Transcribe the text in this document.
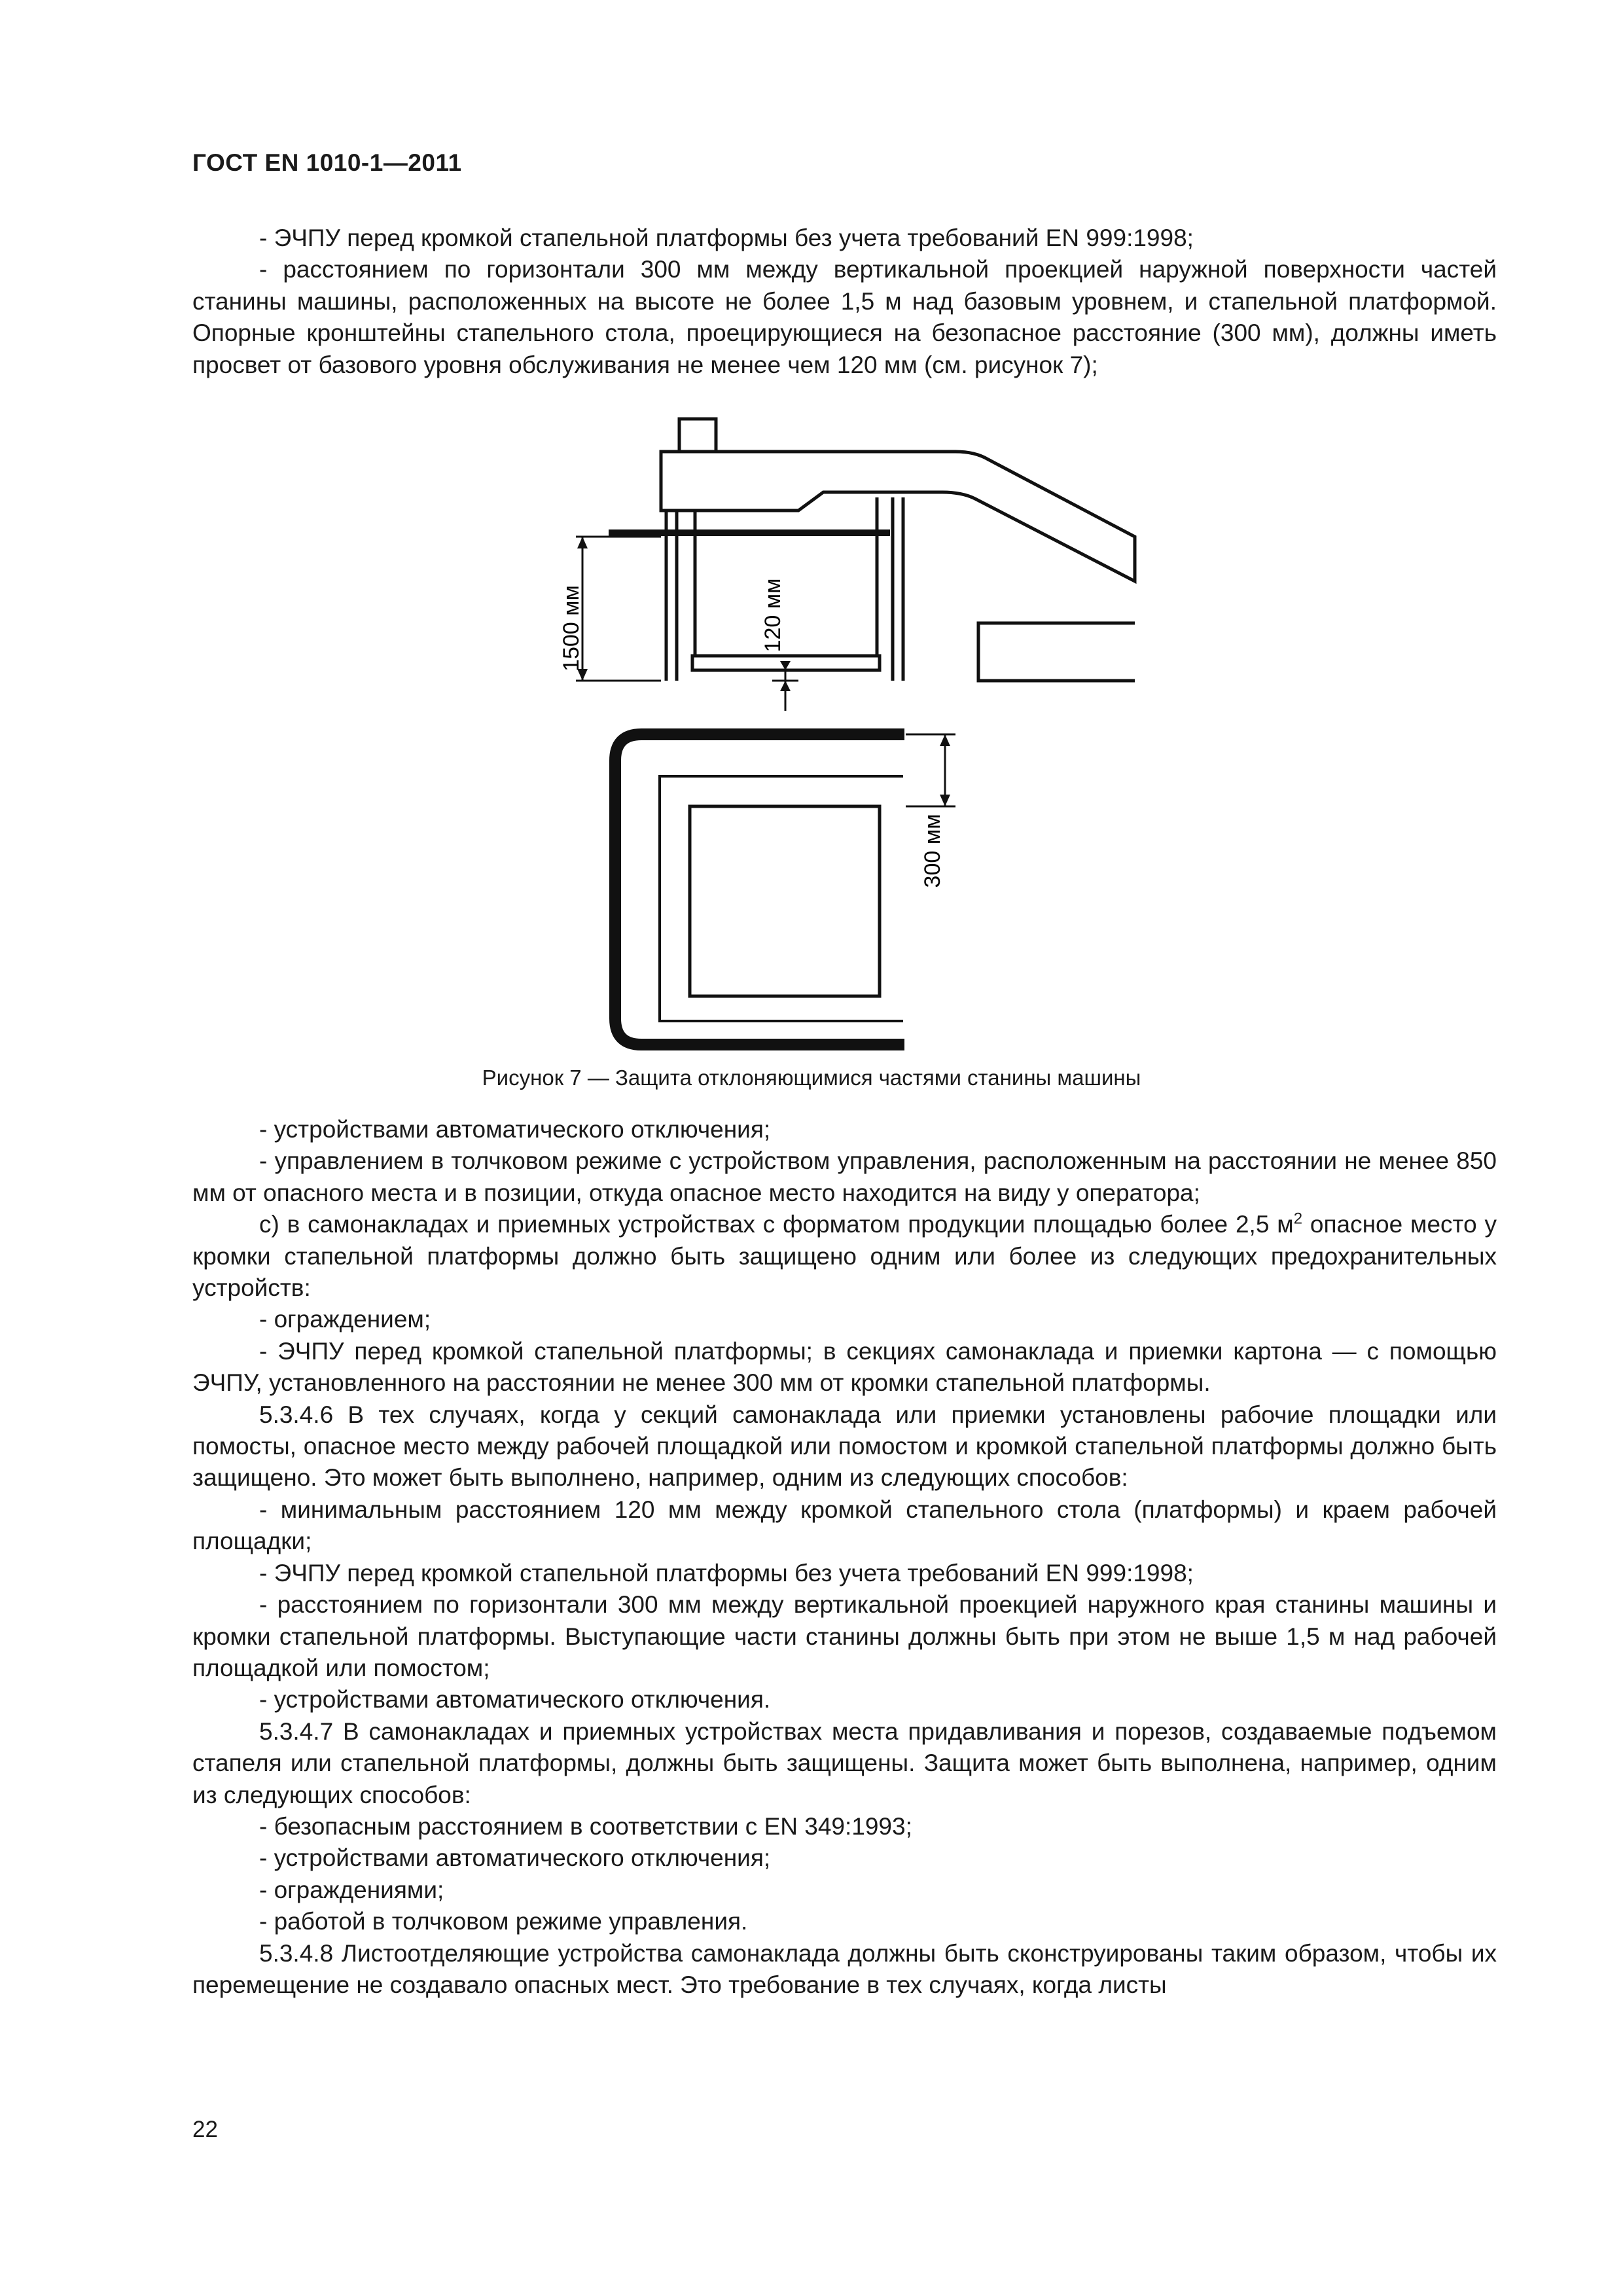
ГОСТ EN 1010-1—2011
- ЭЧПУ перед кромкой стапельной платформы без учета требований EN 999:1998;
- расстоянием по горизонтали 300 мм между вертикальной проекцией наружной поверхности частей станины машины, расположенных на высоте не более 1,5 м над базовым уровнем, и стапельной платформой. Опорные кронштейны стапельного стола, проецирующиеся на безопасное расстояние (300 мм), должны иметь просвет от базового уровня обслуживания не менее чем 120 мм (см. рисунок 7);
1500 мм	120 мм
300 мм
Рисунок 7 — Защита отклоняющимися частями станины машины
- устройствами автоматического отключения;
- управлением в толчковом режиме с устройством управления, расположенным на расстоянии не менее 850 мм от опасного места и в позиции, откуда опасное место находится на виду у оператора;
c) в самонакладах и приемных устройствах с форматом продукции площадью более 2,5 $м^2$ опасное место у кромки стапельной платформы должно быть защищено одним или более из следующих предохранительных устройств:
- ограждением;
- ЭЧПУ перед кромкой стапельной платформы; в секциях самонаклада и приемки картона — с помощью ЭЧПУ, установленного на расстоянии не менее 300 мм от кромки стапельной платформы.
5.3.4.6 В тех случаях, когда у секций самонаклада или приемки установлены рабочие площадки или помосты, опасное место между рабочей площадкой или помостом и кромкой стапельной платформы должно быть защищено. Это может быть выполнено, например, одним из следующих способов:
- минимальным расстоянием 120 мм между кромкой стапельного стола (платформы) и краем рабочей площадки;
- ЭЧПУ перед кромкой стапельной платформы без учета требований EN 999:1998;
- расстоянием по горизонтали 300 мм между вертикальной проекцией наружного края станины машины и кромки стапельной платформы. Выступающие части станины должны быть при этом не выше 1,5 м над рабочей площадкой или помостом;
- устройствами автоматического отключения.
5.3.4.7 В самонакладах и приемных устройствах места придавливания и порезов, создаваемые подъемом стапеля или стапельной платформы, должны быть защищены. Защита может быть выполнена, например, одним из следующих способов:
- безопасным расстоянием в соответствии с EN 349:1993;
- устройствами автоматического отключения;
- ограждениями;
- работой в толчковом режиме управления.
5.3.4.8 Листоотделяющие устройства самонаклада должны быть сконструированы таким образом, чтобы их перемещение не создавало опасных мест. Это требование в тех случаях, когда листы
22
